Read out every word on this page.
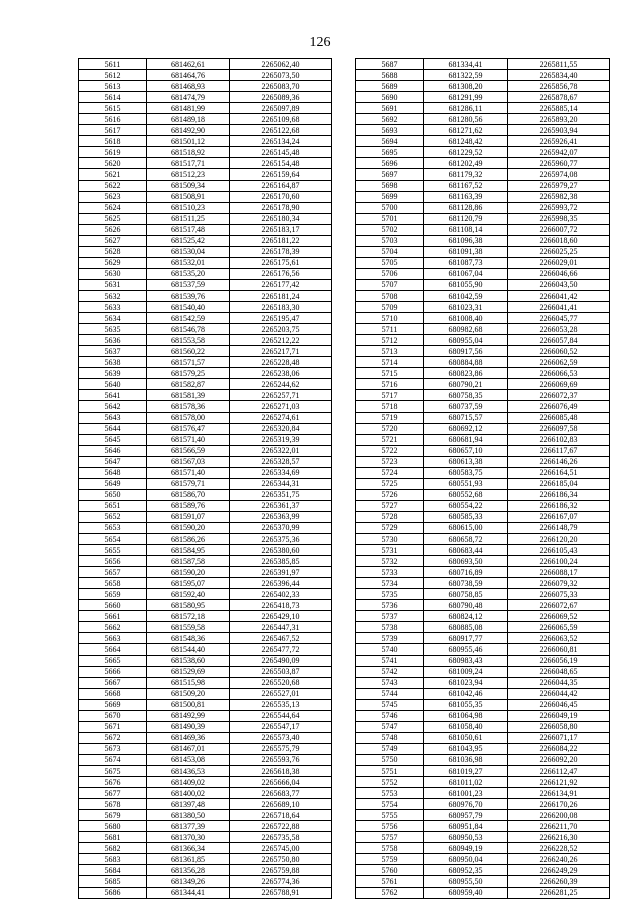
126
5611	681462,61	2265062,40
5612	681464,76	2265073,50
5613	681468,93	2265083,70
5614	681474,79	2265089,36
5615	681481,99	2265097,89
5616	681489,18	2265109,68
5617	681492,90	2265122,68
5618	681501,12	2265134,24
5619	681518,92	2265145,48
5620	681517,71	2265154,48
5621	681512,23	2265159,64
5622	681509,34	2265164,87
5623	681508,91	2265170,60
5624	681510,23	2265178,90
5625	681511,25	2265180,34
5626	681517,48	2265183,17
5627	681525,42	2265181,22
5628	681530,04	2265178,39
5629	681532,01	2265175,61
5630	681535,20	2265176,56
5631	681537,59	2265177,42
5632	681539,76	2265181,24
5633	681540,40	2265183,30
5634	681542,59	2265195,47
5635	681546,78	2265203,75
5636	681553,58	2265212,22
5637	681560,22	2265217,71
5638	681571,57	2265228,48
5639	681579,25	2265238,06
5640	681582,87	2265244,62
5641	681581,39	2265257,71
5642	681578,36	2265271,03
5643	681578,00	2265274,61
5644	681576,47	2265320,84
5645	681571,40	2265319,39
5646	681566,59	2265322,01
5647	681567,03	2265328,57
5648	681571,40	2265334,69
5649	681579,71	2265344,31
5650	681586,70	2265351,75
5651	681589,76	2265361,37
5652	681591,07	2265363,99
5653	681590,20	2265370,99
5654	681586,26	2265375,36
5655	681584,95	2265380,60
5656	681587,58	2265385,85
5657	681590,20	2265391,97
5658	681595,07	2265396,44
5659	681592,40	2265402,33
5660	681580,95	2265418,73
5661	681572,18	2265429,10
5662	681559,58	2265447,31
5663	681548,36	2265467,52
5664	681544,40	2265477,72
5665	681538,60	2265490,09
5666	681529,69	2265503,87
5667	681515,98	2265520,68
5668	681509,20	2265527,01
5669	681500,81	2265535,13
5670	681492,99	2265544,64
5671	681490,39	2265547,17
5672	681469,36	2265573,40
5673	681467,01	2265575,79
5674	681453,08	2265593,76
5675	681436,53	2265618,38
5676	681409,02	2265666,04
5677	681400,02	2265683,77
5678	681397,48	2265689,10
5679	681380,50	2265718,64
5680	681377,39	2265722,88
5681	681370,30	2265735,58
5682	681366,34	2265745,00
5683	681361,85	2265750,80
5684	681356,28	2265759,88
5685	681349,26	2265774,36
5686	681344,41	2265788,91
5687	681334,41	2265811,55
5688	681322,59	2265834,40
5689	681308,20	2265856,78
5690	681291,99	2265878,67
5691	681286,11	2265885,14
5692	681280,56	2265893,20
5693	681271,62	2265903,94
5694	681248,42	2265926,41
5695	681229,52	2265942,07
5696	681202,49	2265960,77
5697	681179,32	2265974,08
5698	681167,52	2265979,27
5699	681163,39	2265982,38
5700	681128,86	2265993,72
5701	681120,79	2265998,35
5702	681108,14	2266007,72
5703	681096,38	2266018,60
5704	681091,38	2266025,25
5705	681087,73	2266029,01
5706	681067,04	2266046,66
5707	681055,90	2266043,50
5708	681042,59	2266041,42
5709	681023,31	2266041,41
5710	681008,40	2266045,77
5711	680982,68	2266053,28
5712	680955,04	2266057,84
5713	680917,56	2266060,52
5714	680884,88	2266062,59
5715	680823,86	2266066,53
5716	680790,21	2266069,69
5717	680758,35	2266072,37
5718	680737,59	2266076,49
5719	680715,57	2266085,48
5720	680692,12	2266097,58
5721	680681,94	2266102,83
5722	680657,10	2266117,67
5723	680613,38	2266146,26
5724	680583,75	2266164,51
5725	680551,93	2266185,04
5726	680552,68	2266186,34
5727	680554,22	2266186,32
5728	680585,33	2266167,07
5729	680615,00	2266148,79
5730	680658,72	2266120,20
5731	680683,44	2266105,43
5732	680693,50	2266100,24
5733	680716,89	2266088,17
5734	680738,59	2266079,32
5735	680758,85	2266075,33
5736	680790,48	2266072,67
5737	680824,12	2266069,52
5738	680885,08	2266065,59
5739	680917,77	2266063,52
5740	680955,46	2266060,81
5741	680983,43	2266056,19
5742	681009,24	2266048,65
5743	681023,94	2266044,35
5744	681042,46	2266044,42
5745	681055,35	2266046,45
5746	681064,98	2266049,19
5747	681058,40	2266058,80
5748	681050,61	2266071,17
5749	681043,95	2266084,22
5750	681036,98	2266092,20
5751	681019,27	2266112,47
5752	681011,02	2266121,92
5753	681001,23	2266134,91
5754	680976,70	2266170,26
5755	680957,79	2266200,08
5756	680951,84	2266211,70
5757	680950,53	2266216,30
5758	680949,19	2266228,52
5759	680950,04	2266240,26
5760	680952,35	2266249,29
5761	680955,50	2266260,39
5762	680959,40	2266281,25
